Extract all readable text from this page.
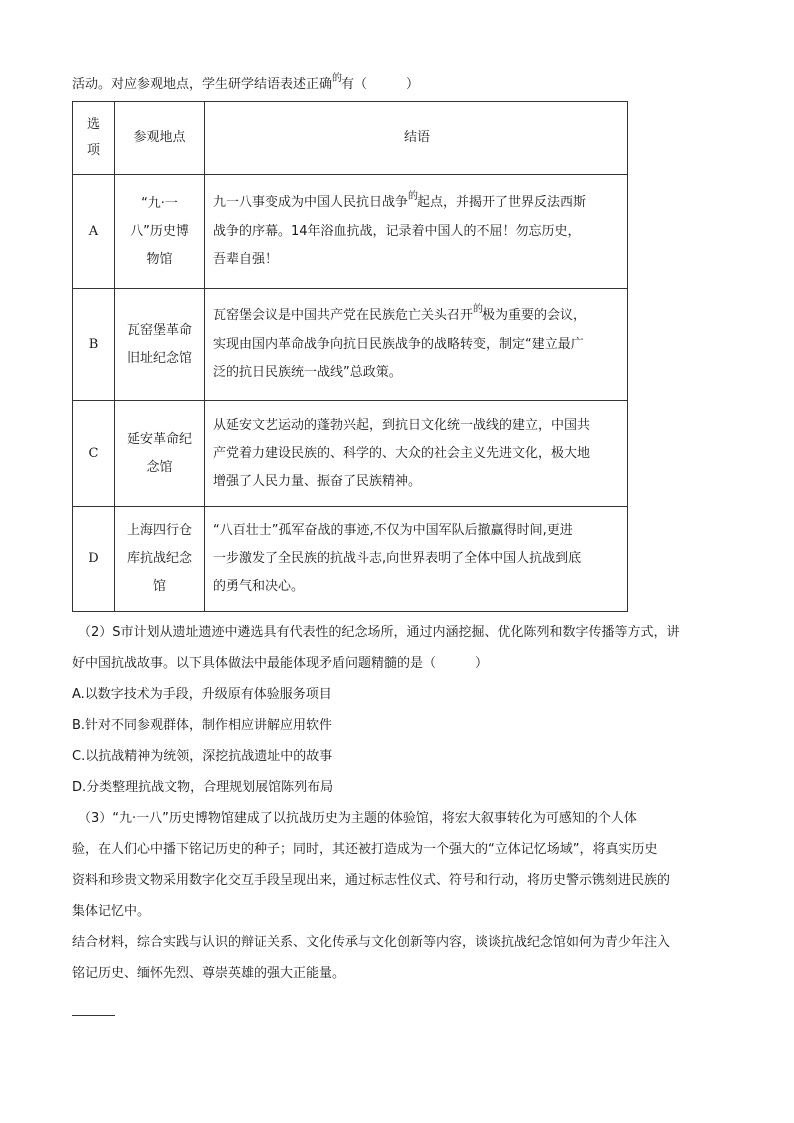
活动。对应参观地点，学生研学结语表述正确$^的$有（　　　）
选
项	参观地点	结语
A	“九·一
八”历史博
物馆	九一八事变成为中国人民抗日战争$^的$起点，并揭开了世界反法西斯
战争的序幕。14年浴血抗战，记录着中国人的不屈！勿忘历史，
吾辈自强！

B	瓦窑堡革命
旧址纪念馆	瓦窑堡会议是中国共产党在民族危亡关头召开$^的$极为重要的会议，
实现由国内革命战争向抗日民族战争的战略转变，制定“建立最广
泛的抗日民族统一战线”总政策。

C	延安革命纪
念馆	从延安文艺运动的蓬勃兴起，到抗日文化统一战线的建立，中国共
产党着力建设民族的、科学的、大众的社会主义先进文化，极大地
增强了人民力量、振奋了民族精神。

D	上海四行仓
库抗战纪念
馆	“八百壮士”孤军奋战的事迹,不仅为中国军队后撤赢得时间,更进
一步激发了全民族的抗战斗志,向世界表明了全体中国人抗战到底
的勇气和决心。
（2）S市计划从遗址遗迹中遴选具有代表性的纪念场所，通过内涵挖掘、优化陈列和数字传播等方式，讲
好中国抗战故事。以下具体做法中最能体现矛盾问题精髓的是（　　　）
A.以数字技术为手段，升级原有体验服务项目
B.针对不同参观群体，制作相应讲解应用软件
C.以抗战精神为统领，深挖抗战遗址中的故事
D.分类整理抗战文物，合理规划展馆陈列布局
（3）“九·一八”历史博物馆建成了以抗战历史为主题的体验馆，将宏大叙事转化为可感知的个人体
验，在人们心中播下铭记历史的种子；同时，其还被打造成为一个强大的“立体记忆场域”，将真实历史
资料和珍贵文物采用数字化交互手段呈现出来，通过标志性仪式、符号和行动，将历史警示镌刻进民族的
集体记忆中。
结合材料，综合实践与认识的辩证关系、文化传承与文化创新等内容，谈谈抗战纪念馆如何为青少年注入
铭记历史、缅怀先烈、尊崇英雄的强大正能量。
